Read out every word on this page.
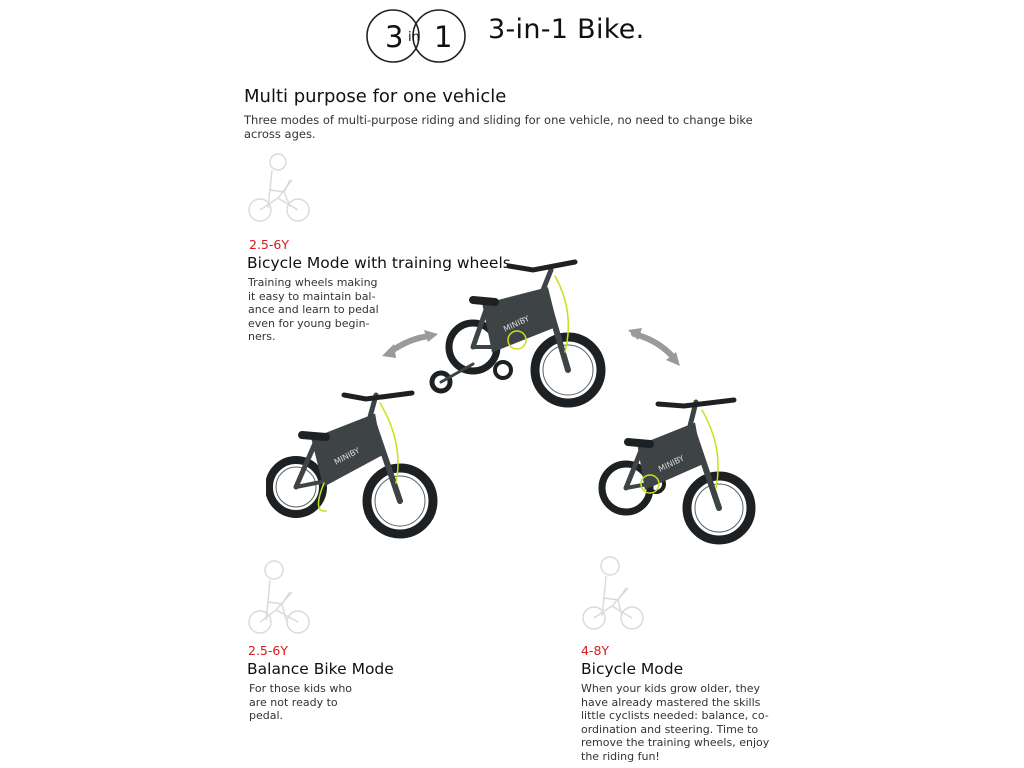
3 in 1 3-in-1 Bike.
Multi purpose for one vehicle
Three modes of multi-purpose riding and sliding for one vehicle, no need to change bike across ages.
2.5-6Y
Bicycle Mode with training wheels
Training wheels making
it easy to maintain bal-
ance and learn to pedal
even for young begin-
ners.
2.5-6Y
Balance Bike Mode
For those kids who
are not ready to
pedal.
4-8Y
Bicycle Mode
When your kids grow older, they
have already mastered the skills
little cyclists needed: balance, co-
ordination and steering. Time to
remove the training wheels, enjoy
the riding fun!
MINIBY
MINIBY	MINIBY
